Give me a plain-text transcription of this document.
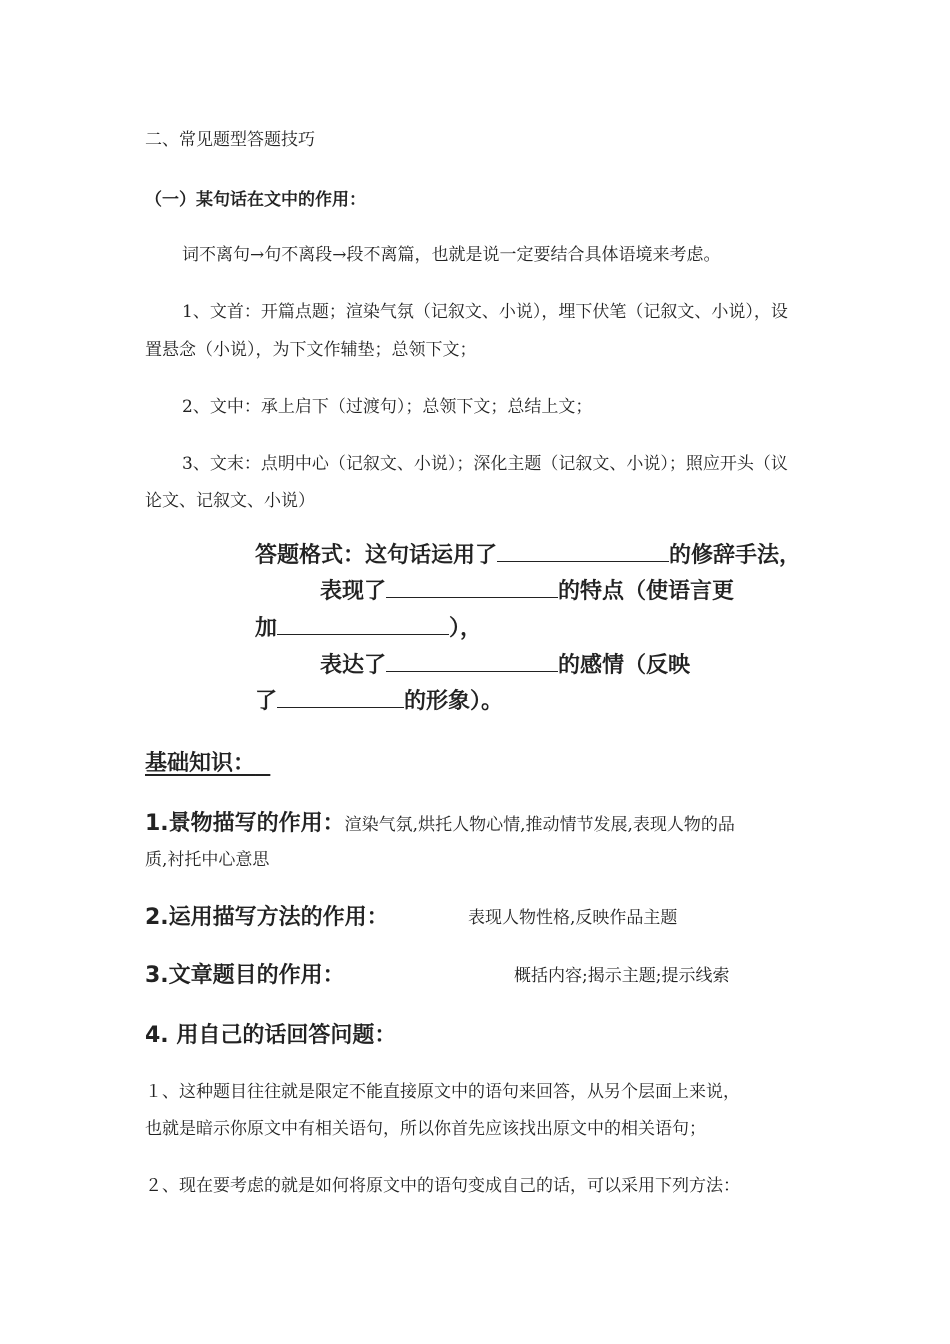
二、常见题型答题技巧
（一）某句话在文中的作用：
词不离句→句不离段→段不离篇，也就是说一定要结合具体语境来考虑。
1、文首：开篇点题；渲染气氛（记叙文、小说），埋下伏笔（记叙文、小说），设
置悬念（小说），为下文作辅垫；总领下文；
2、文中：承上启下（过渡句）；总领下文；总结上文；
3、文末：点明中心（记叙文、小说）；深化主题（记叙文、小说）；照应开头（议
论文、记叙文、小说）
答题格式：这句话运用了	的修辞手法，
表现了	的特点（使语言更
加	），
表达了	的感情（反映
了	的形象）。
基础知识：
1.景物描写的作用：渲染气氛,烘托人物心情,推动情节发展,表现人物的品
质,衬托中心意思
2.运用描写方法的作用：	表现人物性格,反映作品主题
3.文章题目的作用：	概括内容;揭示主题;提示线索
4. 用自己的话回答问题：
１、这种题目往往就是限定不能直接原文中的语句来回答，从另个层面上来说，
也就是暗示你原文中有相关语句，所以你首先应该找出原文中的相关语句；
２、现在要考虑的就是如何将原文中的语句变成自己的话，可以采用下列方法：
